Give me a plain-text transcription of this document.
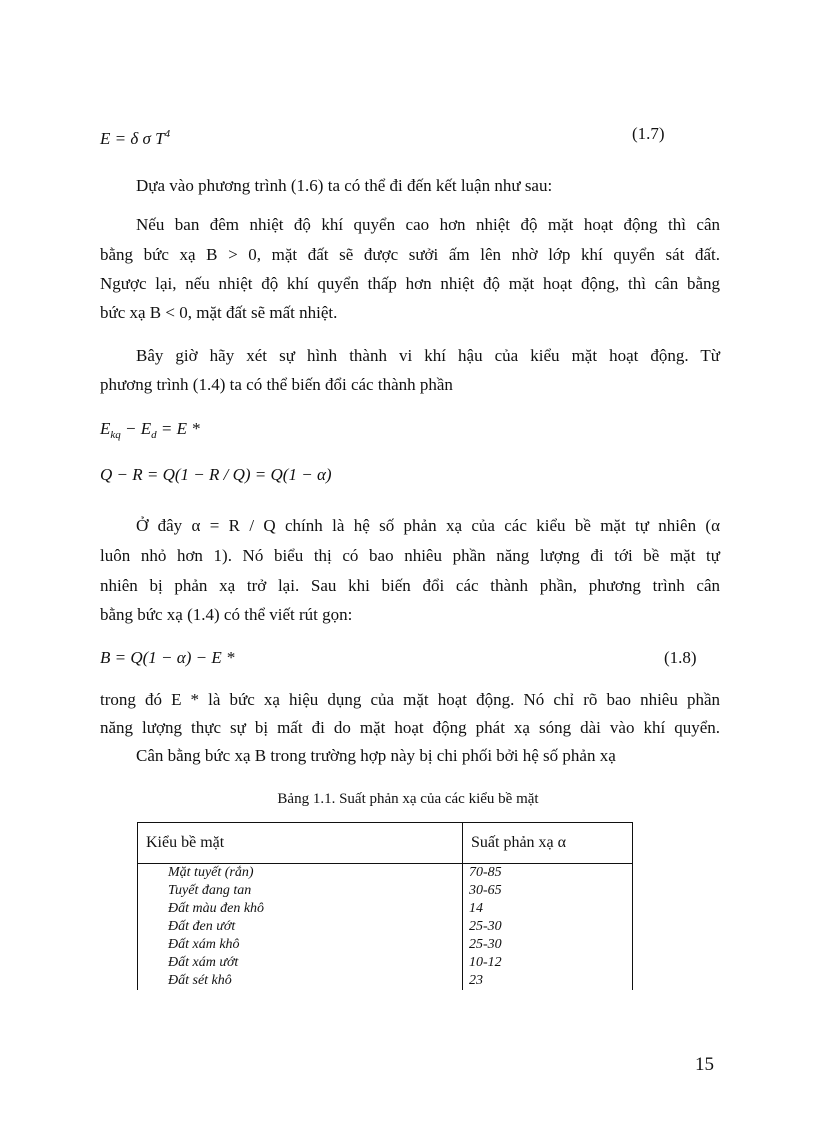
E = δ σ $T^4$	(1.7)
Dựa vào phương trình (1.6) ta có thể đi đến kết luận như sau:
Nếu ban đêm nhiệt độ khí quyển cao hơn nhiệt độ mặt hoạt động thì cân
bằng bức xạ B > 0, mặt đất sẽ được sưởi ấm lên nhờ lớp khí quyển sát đất.
Ngược lại, nếu nhiệt độ khí quyển thấp hơn nhiệt độ mặt hoạt động, thì cân bằng
bức xạ B < 0, mặt đất sẽ mất nhiệt.
Bây giờ hãy xét sự hình thành vi khí hậu của kiểu mặt hoạt động. Từ
phương trình (1.4) ta có thể biến đổi các thành phần
$E_{kq} - E_d = E$ *
Q − R = Q(1 − R / Q) = Q(1 − α)
Ở đây α = R / Q chính là hệ số phản xạ của các kiểu bề mặt tự nhiên (α
luôn nhỏ hơn 1). Nó biểu thị có bao nhiêu phần năng lượng đi tới bề mặt tự
nhiên bị phản xạ trở lại. Sau khi biến đổi các thành phần, phương trình cân
bằng bức xạ (1.4) có thể viết rút gọn:
B = Q(1 − α) − E *	(1.8)
trong đó E * là bức xạ hiệu dụng của mặt hoạt động. Nó chỉ rõ bao nhiêu phần
năng lượng thực sự bị mất đi do mặt hoạt động phát xạ sóng dài vào khí quyển.
Cân bằng bức xạ B trong trường hợp này bị chi phối bởi hệ số phản xạ
Bảng 1.1. Suất phản xạ của các kiểu bề mặt
Kiểu bề mặt	Suất phản xạ α
Mặt tuyết (rắn)	70-85
Tuyết đang tan	30-65
Đất màu đen khô	14
Đất đen ướt	25-30
Đất xám khô	25-30
Đất xám ướt	10-12
Đất sét khô	23
15
